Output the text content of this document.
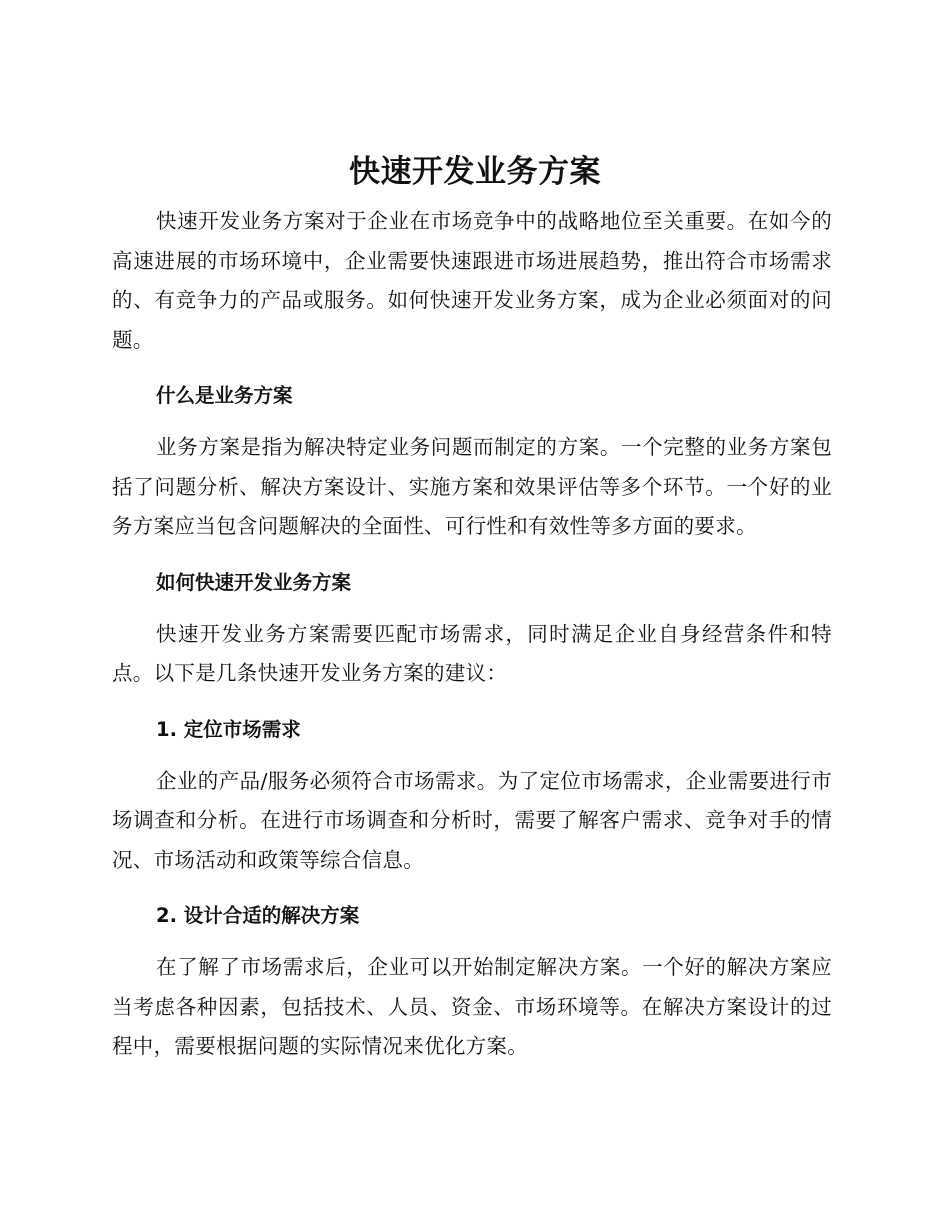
快速开发业务方案

快速开发业务方案对于企业在市场竞争中的战略地位至关重要。在如今的高速进展的市场环境中，企业需要快速跟进市场进展趋势，推出符合市场需求的、有竞争力的产品或服务。如何快速开发业务方案，成为企业必须面对的问题。

什么是业务方案

业务方案是指为解决特定业务问题而制定的方案。一个完整的业务方案包括了问题分析、解决方案设计、实施方案和效果评估等多个环节。一个好的业务方案应当包含问题解决的全面性、可行性和有效性等多方面的要求。

如何快速开发业务方案

快速开发业务方案需要匹配市场需求，同时满足企业自身经营条件和特点。以下是几条快速开发业务方案的建议：

1. 定位市场需求

企业的产品/服务必须符合市场需求。为了定位市场需求，企业需要进行市场调查和分析。在进行市场调查和分析时，需要了解客户需求、竞争对手的情况、市场活动和政策等综合信息。

2. 设计合适的解决方案

在了解了市场需求后，企业可以开始制定解决方案。一个好的解决方案应当考虑各种因素，包括技术、人员、资金、市场环境等。在解决方案设计的过程中，需要根据问题的实际情况来优化方案。
